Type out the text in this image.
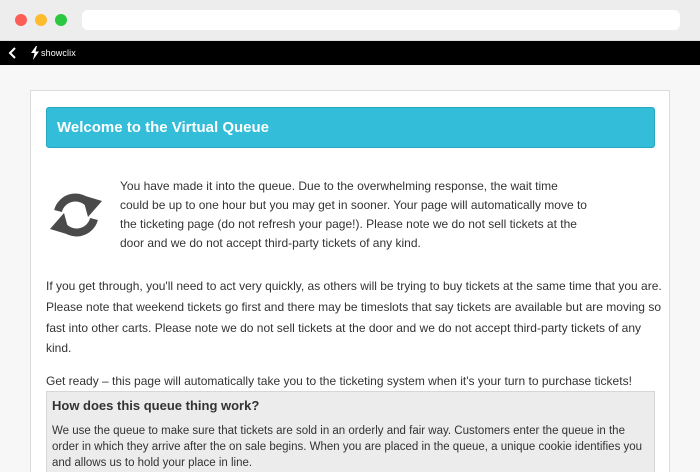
showclix
Welcome to the Virtual Queue
You have made it into the queue. Due to the overwhelming response, the wait time
could be up to one hour but you may get in sooner. Your page will automatically move to
the ticketing page (do not refresh your page!). Please note we do not sell tickets at the
door and we do not accept third-party tickets of any kind.
If you get through, you'll need to act very quickly, as others will be trying to buy tickets at the same time that you are.
Please note that weekend tickets go first and there may be timeslots that say tickets are available but are moving so
fast into other carts. Please note we do not sell tickets at the door and we do not accept third-party tickets of any
kind.
Get ready – this page will automatically take you to the ticketing system when it's your turn to purchase tickets!
How does this queue thing work?
We use the queue to make sure that tickets are sold in an orderly and fair way. Customers enter the queue in the
order in which they arrive after the on sale begins. When you are placed in the queue, a unique cookie identifies you
and allows us to hold your place in line.
